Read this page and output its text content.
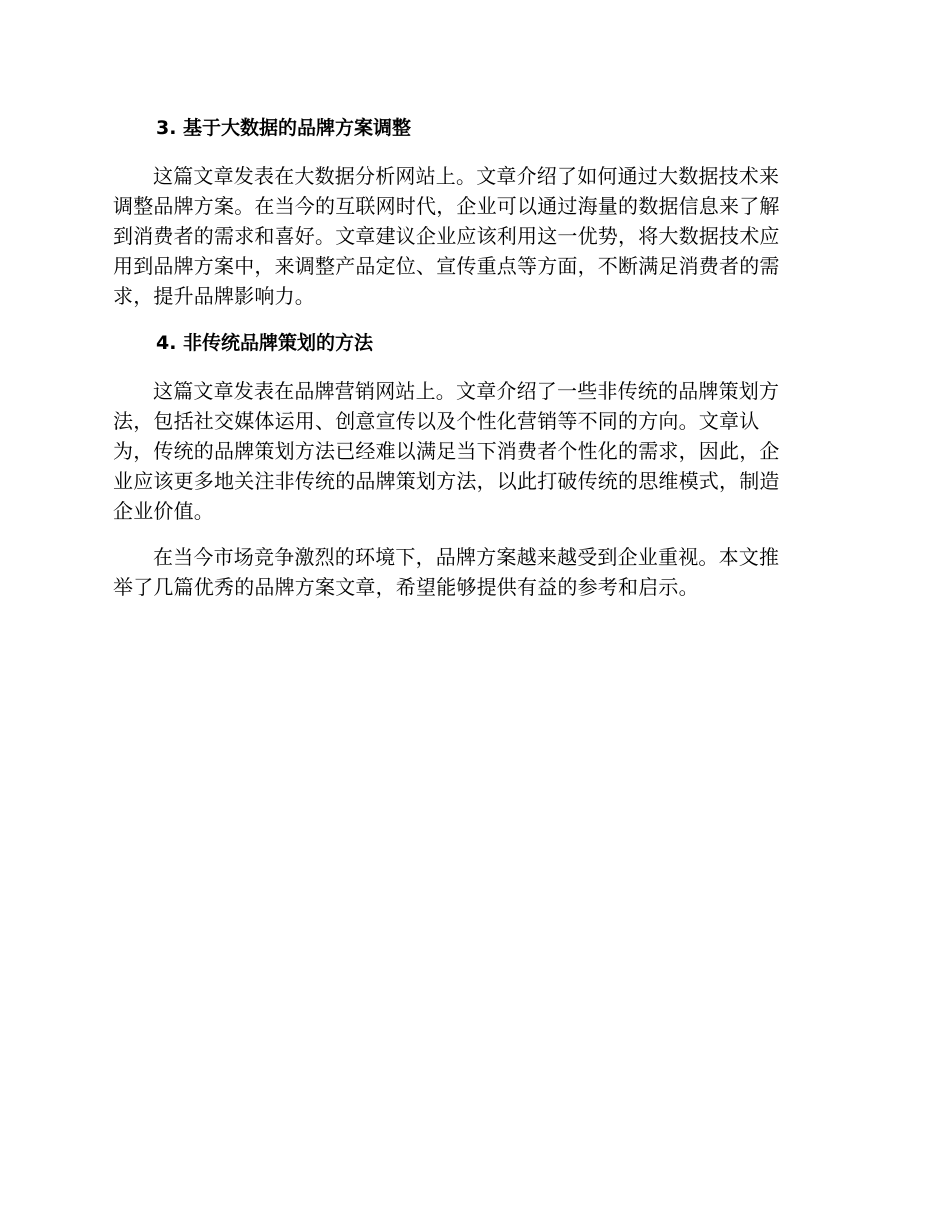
3. 基于大数据的品牌方案调整

这篇文章发表在大数据分析网站上。文章介绍了如何通过大数据技术来
调整品牌方案。在当今的互联网时代，企业可以通过海量的数据信息来了解
到消费者的需求和喜好。文章建议企业应该利用这一优势，将大数据技术应
用到品牌方案中，来调整产品定位、宣传重点等方面，不断满足消费者的需
求，提升品牌影响力。

4. 非传统品牌策划的方法

这篇文章发表在品牌营销网站上。文章介绍了一些非传统的品牌策划方
法，包括社交媒体运用、创意宣传以及个性化营销等不同的方向。文章认
为，传统的品牌策划方法已经难以满足当下消费者个性化的需求，因此，企
业应该更多地关注非传统的品牌策划方法，以此打破传统的思维模式，制造
企业价值。

在当今市场竞争激烈的环境下，品牌方案越来越受到企业重视。本文推
举了几篇优秀的品牌方案文章，希望能够提供有益的参考和启示。
